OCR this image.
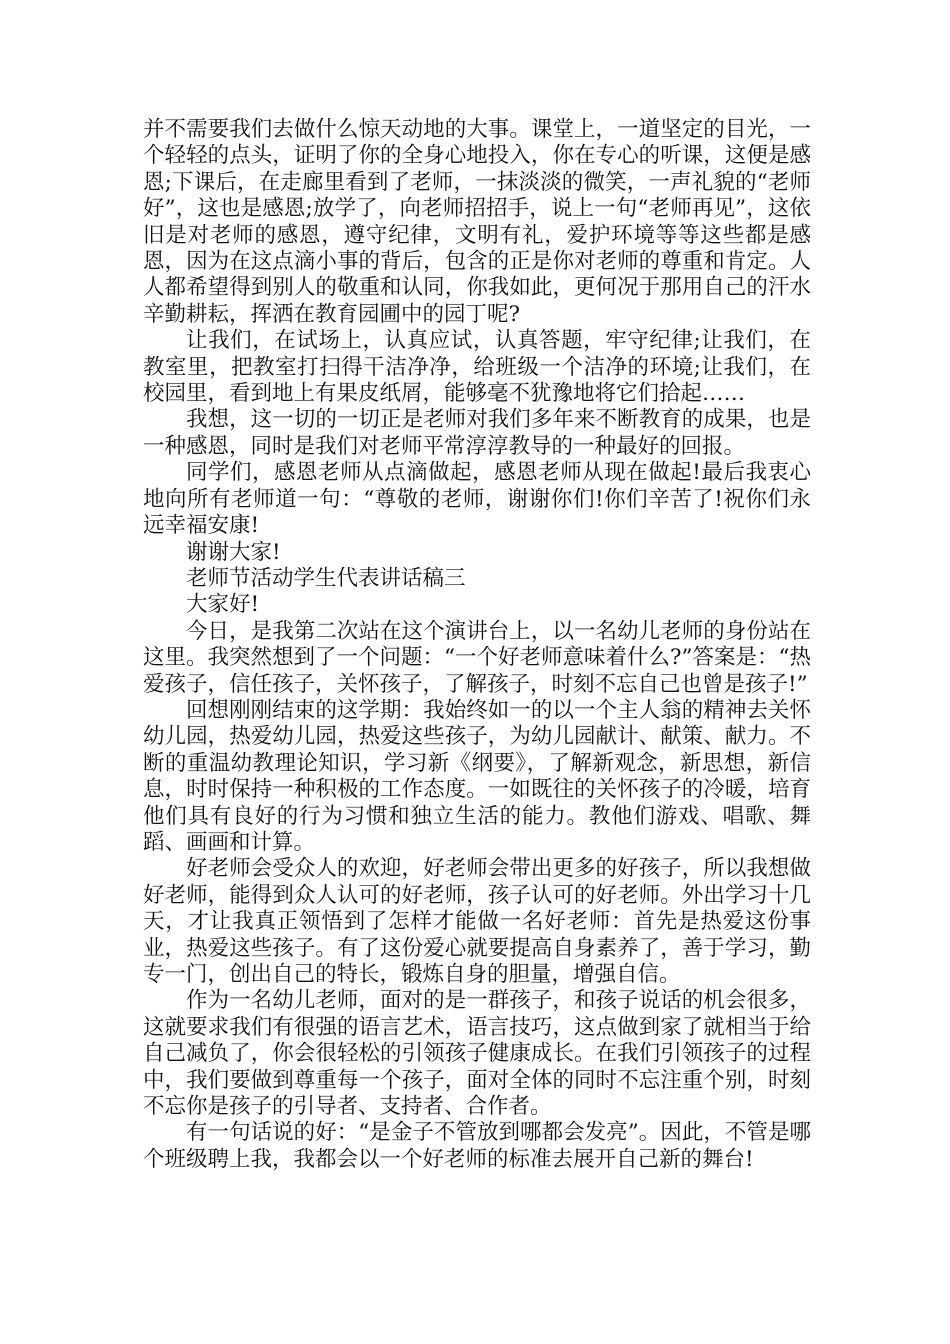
并不需要我们去做什么惊天动地的大事。课堂上，一道坚定的目光，一个轻轻的点头，证明了你的全身心地投入，你在专心的听课，这便是感恩;下课后，在走廊里看到了老师，一抹淡淡的微笑，一声礼貌的“老师好”，这也是感恩;放学了，向老师招招手，说上一句“老师再见”，这依旧是对老师的感恩，遵守纪律，文明有礼，爱护环境等等这些都是感恩，因为在这点滴小事的背后，包含的正是你对老师的尊重和肯定。人人都希望得到别人的敬重和认同，你我如此，更何况于那用自己的汗水辛勤耕耘，挥洒在教育园圃中的园丁呢?

让我们，在试场上，认真应试，认真答题，牢守纪律;让我们，在教室里，把教室打扫得干洁净净，给班级一个洁净的环境;让我们，在校园里，看到地上有果皮纸屑，能够毫不犹豫地将它们拾起……

我想，这一切的一切正是老师对我们多年来不断教育的成果，也是一种感恩，同时是我们对老师平常淳淳教导的一种最好的回报。

同学们，感恩老师从点滴做起，感恩老师从现在做起!最后我衷心地向所有老师道一句：“尊敬的老师，谢谢你们!你们辛苦了!祝你们永远幸福安康!

谢谢大家!

老师节活动学生代表讲话稿三

大家好!

今日，是我第二次站在这个演讲台上，以一名幼儿老师的身份站在这里。我突然想到了一个问题：“一个好老师意味着什么?”答案是：“热爱孩子，信任孩子，关怀孩子，了解孩子，时刻不忘自己也曾是孩子!”

回想刚刚结束的这学期：我始终如一的以一个主人翁的精神去关怀幼儿园，热爱幼儿园，热爱这些孩子，为幼儿园献计、献策、献力。不断的重温幼教理论知识，学习新《纲要》，了解新观念，新思想，新信息，时时保持一种积极的工作态度。一如既往的关怀孩子的冷暖，培育他们具有良好的行为习惯和独立生活的能力。教他们游戏、唱歌、舞蹈、画画和计算。

好老师会受众人的欢迎，好老师会带出更多的好孩子，所以我想做好老师，能得到众人认可的好老师，孩子认可的好老师。外出学习十几天，才让我真正领悟到了怎样才能做一名好老师：首先是热爱这份事业，热爱这些孩子。有了这份爱心就要提高自身素养了，善于学习，勤专一门，创出自己的特长，锻炼自身的胆量，增强自信。

作为一名幼儿老师，面对的是一群孩子，和孩子说话的机会很多，这就要求我们有很强的语言艺术，语言技巧，这点做到家了就相当于给自己减负了，你会很轻松的引领孩子健康成长。在我们引领孩子的过程中，我们要做到尊重每一个孩子，面对全体的同时不忘注重个别，时刻不忘你是孩子的引导者、支持者、合作者。

有一句话说的好：“是金子不管放到哪都会发亮”。因此，不管是哪个班级聘上我，我都会以一个好老师的标准去展开自己新的舞台!
